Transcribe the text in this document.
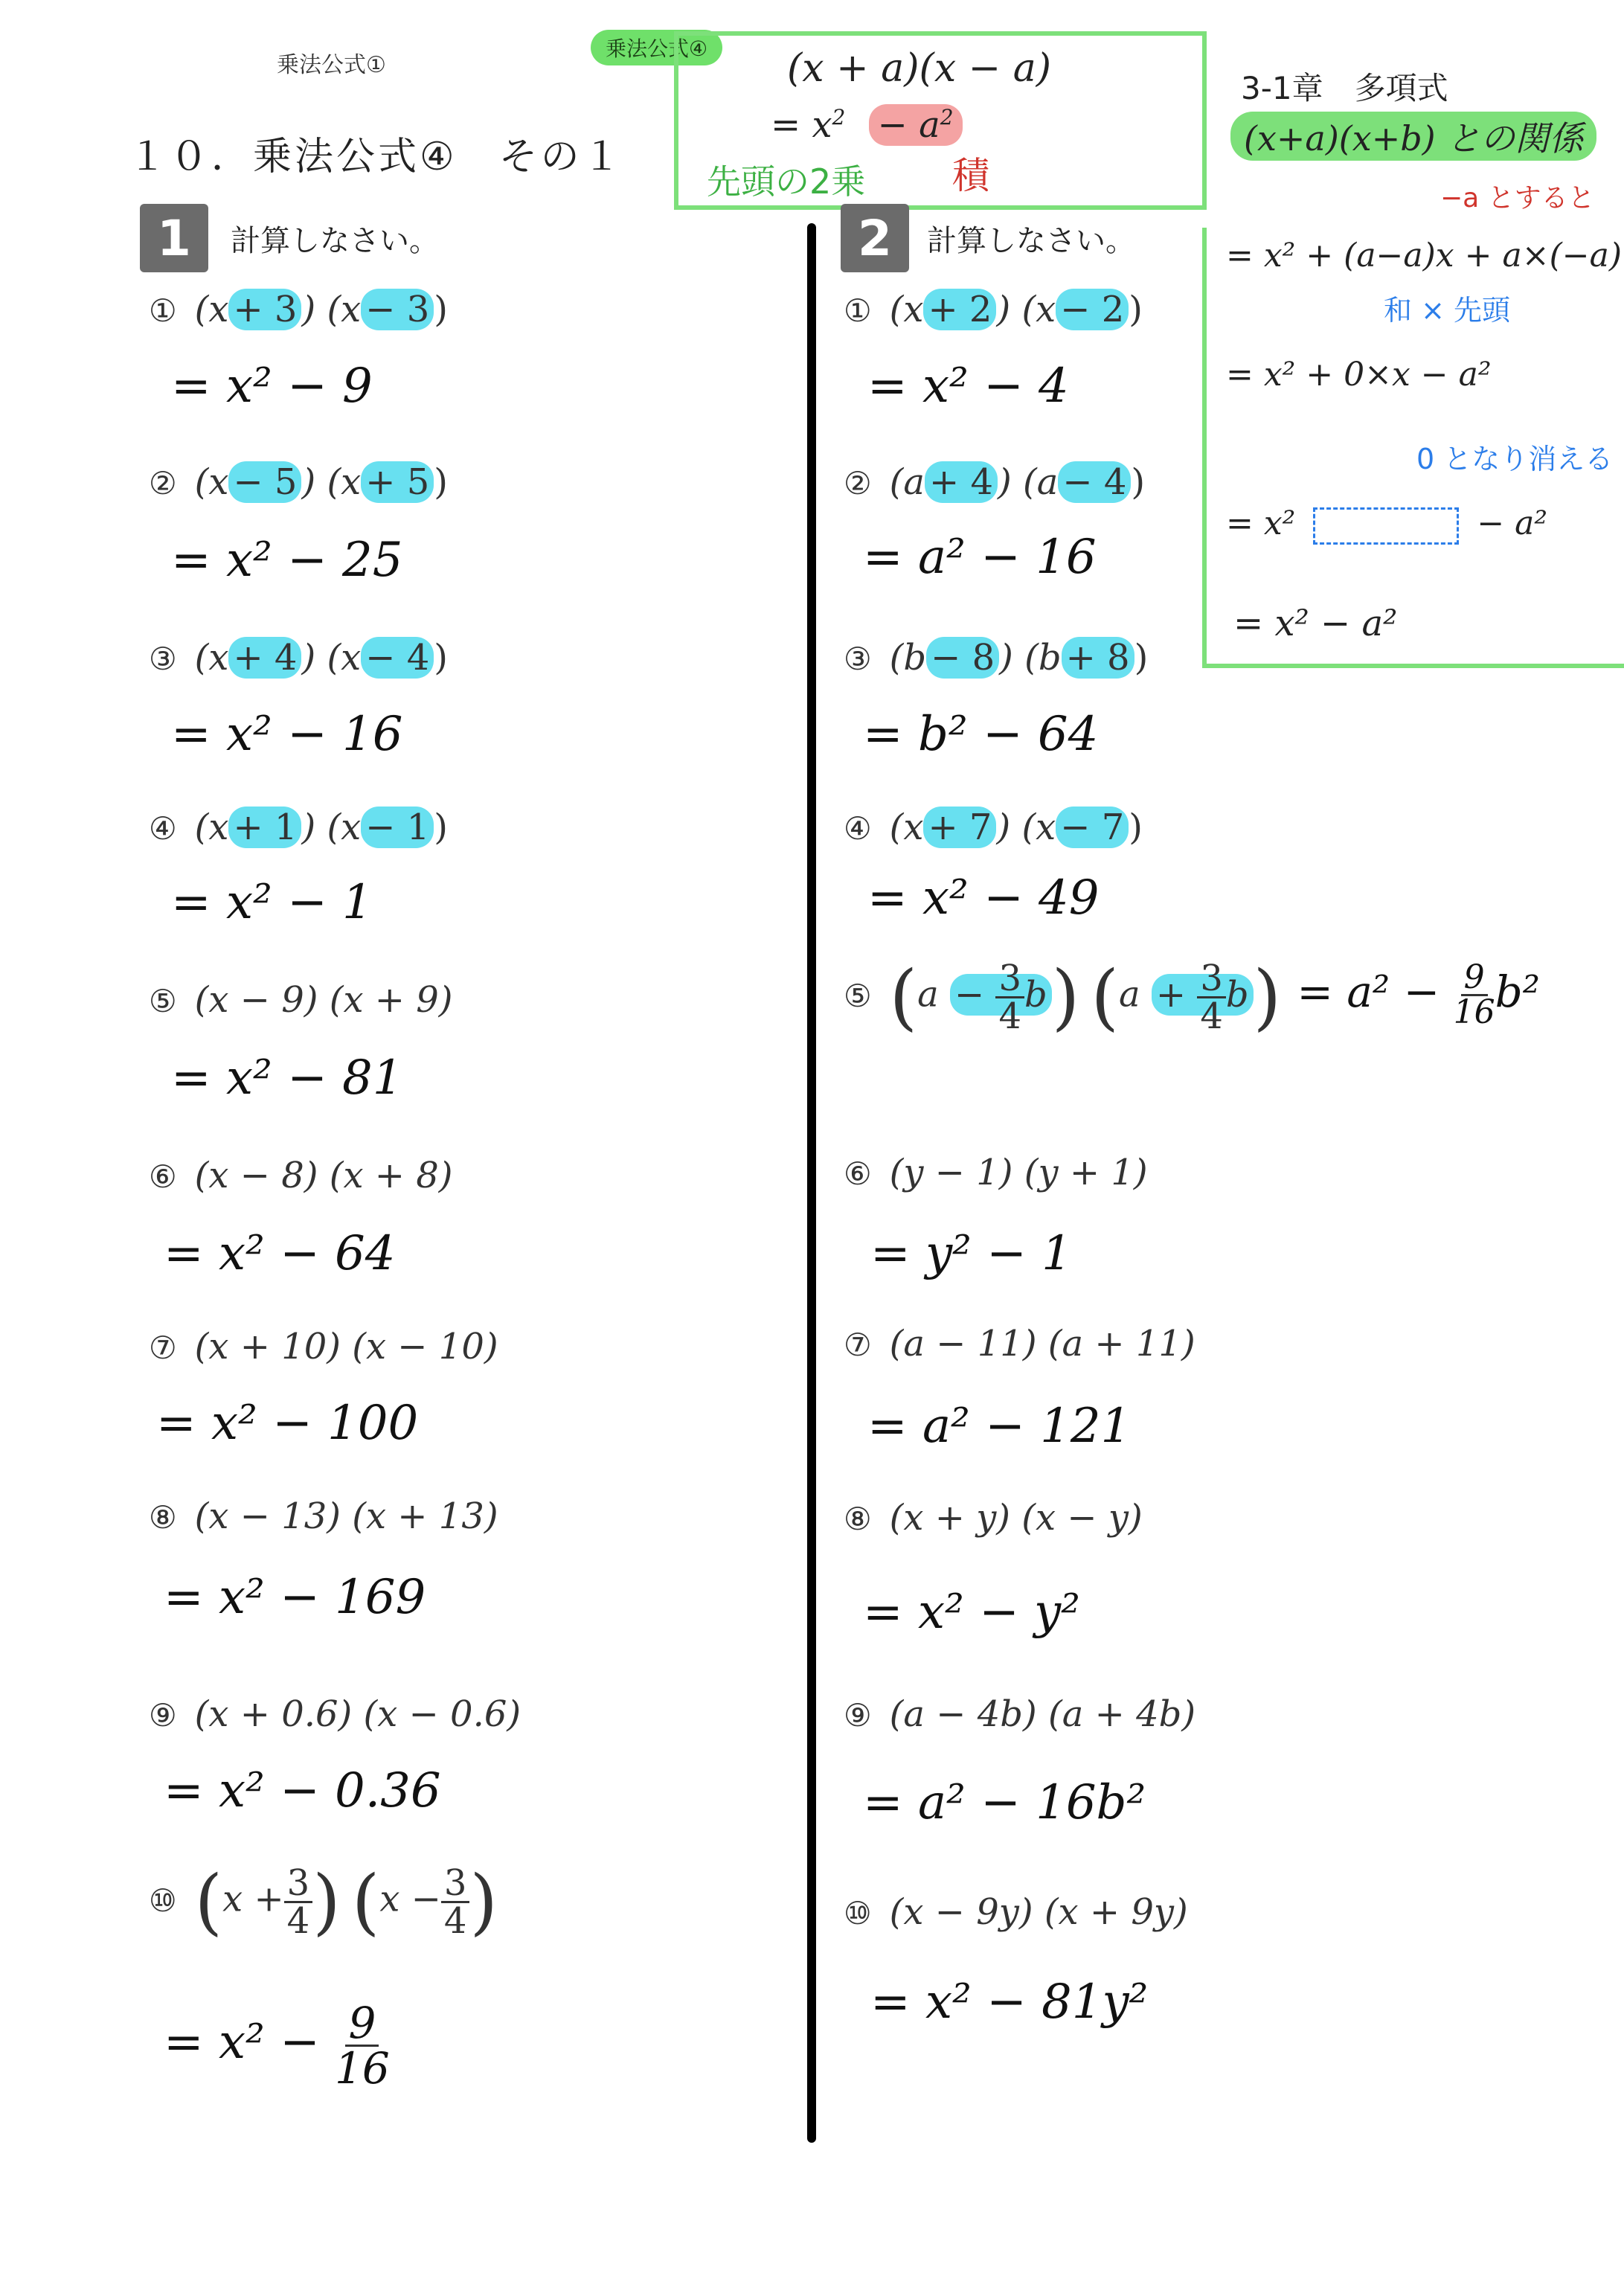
乗法公式①
乗法公式④
１０．乗法公式④　その１
3-1章　多項式
(x + a)(x − a)
= $x^2 - a^2$
先頭の2乗 積
(x+a)(x+b) との関係
−a とすると
= x² + (a−a)x + a×(−a)
和 × 先頭
= x² + 0×x − a²
0 となり消える
= x²	− a²
= x² − a²
1	計算しなさい。
① (x + 3 ) (x − 3 )
= x² − 9
② (x − 5 ) (x + 5 )
= x² − 25
③ (x + 4 ) (x − 4 )
= x² − 16
④ (x + 1 ) (x − 1 )
= x² − 1
⑤ (x − 9) (x + 9)
= x² − 81
⑥ (x − 8) (x + 8)
= x² − 64
⑦ (x + 10) (x − 10)
= x² − 100
⑧ (x − 13) (x + 13)
= x² − 169
⑨ (x + 0.6) (x − 0.6)
= x² − 0.36
⑩ ($x + \frac{3}{4}$ ) ($x - \frac{3}{4}$ )
= $x^2 - \frac{9}{16}$
2	計算しなさい。
① (x + 2 ) (x − 2 )
= x² − 4
② (a + 4 ) (a − 4 )
= a² − 16
③ (b − 8 ) (b + 8 )
= b² − 64
④ (x + 7 ) (x − 7 )
= x² − 49
⑤ $(a - \frac{3}{4} b)$ $(a + \frac{3}{4} b) = a^2 - \frac{9}{16} b^2$
⑥ (y − 1) (y + 1)
= y² − 1
⑦ (a − 11) (a + 11)
= a² − 121
⑧ (x + y) (x − y)
= x² − y²
⑨ (a − 4b) (a + 4b)
= a² − 16b²
⑩ (x − 9y) (x + 9y)
= x² − 81y²
